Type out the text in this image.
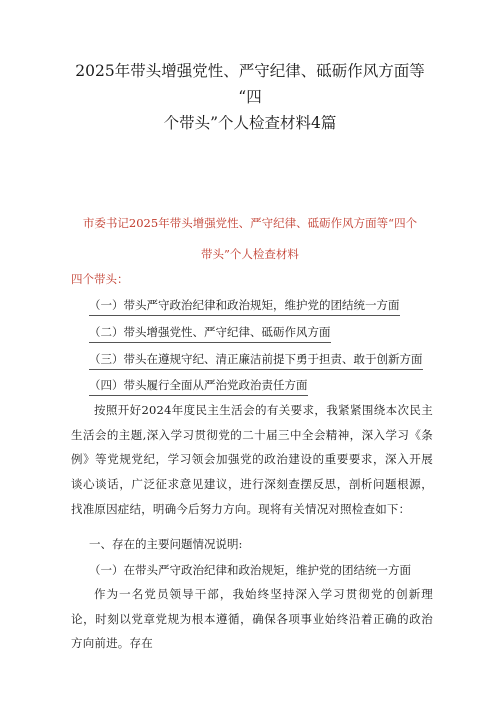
2025年带头增强党性、严守纪律、砥砺作风方面等
“四
个带头”个人检查材料4篇
市委书记2025年带头增强党性、严守纪律、砥砺作风方面等“四个
带头”个人检查材料
四个带头：
（一）带头严守政治纪律和政治规矩，维护党的团结统一方面
（二）带头增强党性、严守纪律、砥砺作风方面
（三）带头在遵规守纪、清正廉洁前提下勇于担责、敢于创新方面
（四）带头履行全面从严治党政治责任方面
按照开好2024年度民主生活会的有关要求，我紧紧围绕本次民主生活会的主题,深入学习贯彻党的二十届三中全会精神，深入学习《条例》等党规党纪，学习领会加强党的政治建设的重要要求，深入开展谈心谈话，广泛征求意见建议，进行深刻查摆反思，剖析问题根源，找准原因症结，明确今后努力方向。现将有关情况对照检查如下：
一、存在的主要问题情况说明:
（一）在带头严守政治纪律和政治规矩，维护党的团结统一方面
作为一名党员领导干部，我始终坚持深入学习贯彻党的创新理论，时刻以党章党规为根本遵循，确保各项事业始终沿着正确的政治方向前进。存在
